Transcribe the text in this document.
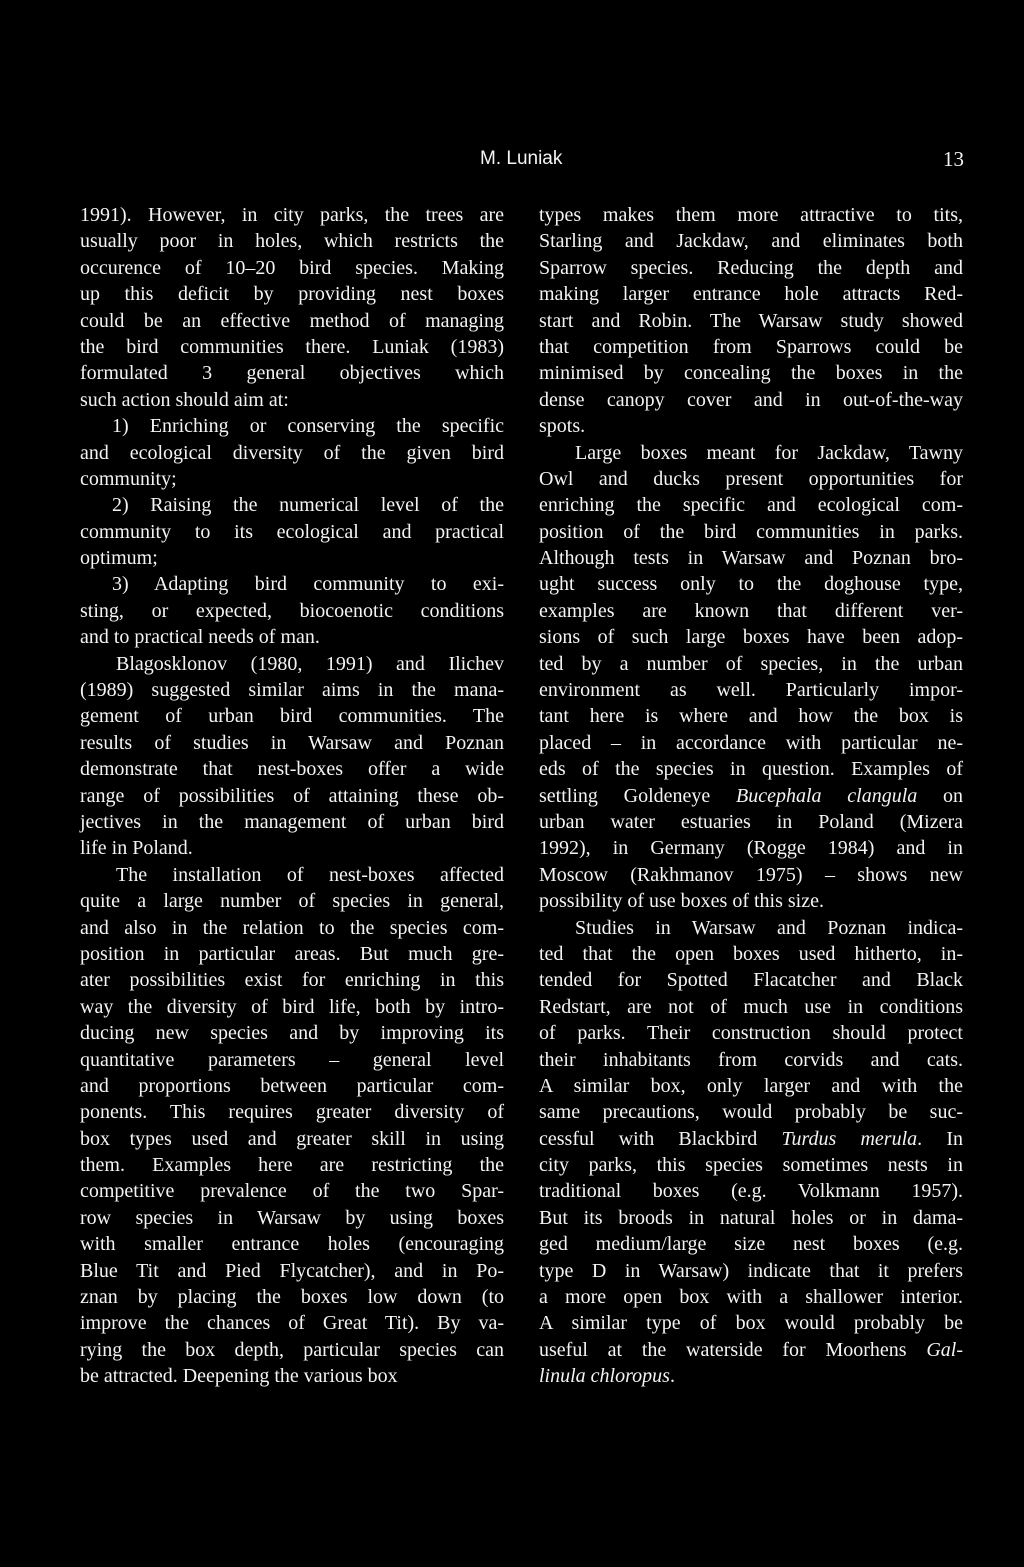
M. Luniak	13
1991). However, in city parks, the trees are
usually poor in holes, which restricts the
occurence of 10–20 bird species. Making
up this deficit by providing nest boxes
could be an effective method of managing
the bird communities there. Luniak (1983)
formulated 3 general objectives which
such action should aim at:
1) Enriching or conserving the specific
and ecological diversity of the given bird
community;
2) Raising the numerical level of the
community to its ecological and practical
optimum;
3) Adapting bird community to exi-
sting, or expected, biocoenotic conditions
and to practical needs of man.
Blagosklonov (1980, 1991) and Ilichev
(1989) suggested similar aims in the mana-
gement of urban bird communities. The
results of studies in Warsaw and Poznan
demonstrate that nest-boxes offer a wide
range of possibilities of attaining these ob-
jectives in the management of urban bird
life in Poland.
The installation of nest-boxes affected
quite a large number of species in general,
and also in the relation to the species com-
position in particular areas. But much gre-
ater possibilities exist for enriching in this
way the diversity of bird life, both by intro-
ducing new species and by improving its
quantitative parameters – general level
and proportions between particular com-
ponents. This requires greater diversity of
box types used and greater skill in using
them. Examples here are restricting the
competitive prevalence of the two Spar-
row species in Warsaw by using boxes
with smaller entrance holes (encouraging
Blue Tit and Pied Flycatcher), and in Po-
znan by placing the boxes low down (to
improve the chances of Great Tit). By va-
rying the box depth, particular species can
be attracted. Deepening the various box
types makes them more attractive to tits,
Starling and Jackdaw, and eliminates both
Sparrow species. Reducing the depth and
making larger entrance hole attracts Red-
start and Robin. The Warsaw study showed
that competition from Sparrows could be
minimised by concealing the boxes in the
dense canopy cover and in out-of-the-way
spots.
Large boxes meant for Jackdaw, Tawny
Owl and ducks present opportunities for
enriching the specific and ecological com-
position of the bird communities in parks.
Although tests in Warsaw and Poznan bro-
ught success only to the doghouse type,
examples are known that different ver-
sions of such large boxes have been adop-
ted by a number of species, in the urban
environment as well. Particularly impor-
tant here is where and how the box is
placed – in accordance with particular ne-
eds of the species in question. Examples of
settling Goldeneye Bucephala clangula on
urban water estuaries in Poland (Mizera
1992), in Germany (Rogge 1984) and in
Moscow (Rakhmanov 1975) – shows new
possibility of use boxes of this size.
Studies in Warsaw and Poznan indica-
ted that the open boxes used hitherto, in-
tended for Spotted Flacatcher and Black
Redstart, are not of much use in conditions
of parks. Their construction should protect
their inhabitants from corvids and cats.
A similar box, only larger and with the
same precautions, would probably be suc-
cessful with Blackbird Turdus merula. In
city parks, this species sometimes nests in
traditional boxes (e.g. Volkmann 1957).
But its broods in natural holes or in dama-
ged medium/large size nest boxes (e.g.
type D in Warsaw) indicate that it prefers
a more open box with a shallower interior.
A similar type of box would probably be
useful at the waterside for Moorhens Gal-
linula chloropus.
